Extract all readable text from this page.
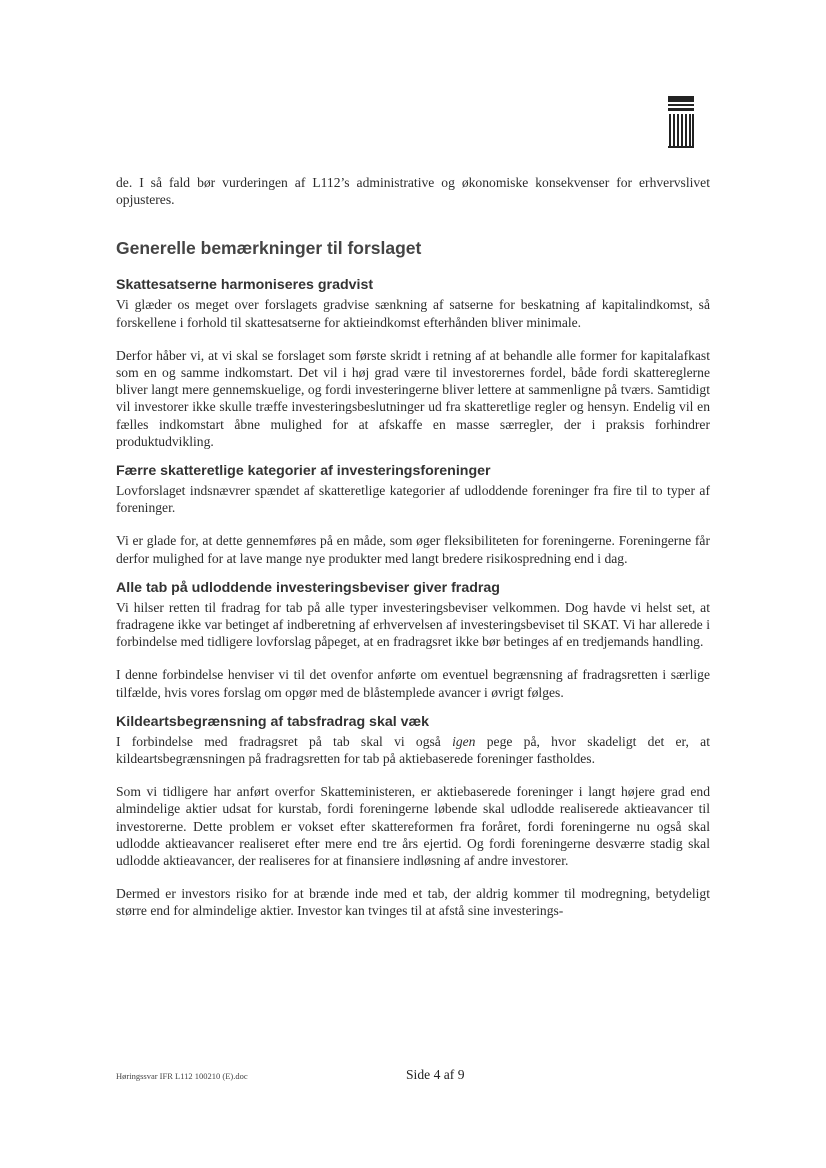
de. I så fald bør vurderingen af L112’s administrative og økonomiske konsekvenser for erhvervslivet opjusteres.

Generelle bemærkninger til forslaget
Skattesatserne harmoniseres gradvist

Vi glæder os meget over forslagets gradvise sænkning af satserne for beskatning af kapitalindkomst, så forskellene i forhold til skattesatserne for aktieindkomst efterhånden bliver minimale.

Derfor håber vi, at vi skal se forslaget som første skridt i retning af at behandle alle former for kapitalafkast som en og samme indkomstart. Det vil i høj grad være til investorernes fordel, både fordi skattereglerne bliver langt mere gennemskuelige, og fordi investeringerne bliver lettere at sammenligne på tværs. Samtidigt vil investorer ikke skulle træffe investeringsbeslutninger ud fra skatteretlige regler og hensyn. Endelig vil en fælles indkomstart åbne mulighed for at afskaffe en masse særregler, der i praksis forhindrer produktudvikling.

Færre skatteretlige kategorier af investeringsforeninger

Lovforslaget indsnævrer spændet af skatteretlige kategorier af udloddende foreninger fra fire til to typer af foreninger.

Vi er glade for, at dette gennemføres på en måde, som øger fleksibiliteten for foreningerne. Foreningerne får derfor mulighed for at lave mange nye produkter med langt bredere risikospredning end i dag.

Alle tab på udloddende investeringsbeviser giver fradrag

Vi hilser retten til fradrag for tab på alle typer investeringsbeviser velkommen. Dog havde vi helst set, at fradragene ikke var betinget af indberetning af erhvervelsen af investeringsbeviset til SKAT. Vi har allerede i forbindelse med tidligere lovforslag påpeget, at en fradragsret ikke bør betinges af en tredjemands handling.

I denne forbindelse henviser vi til det ovenfor anførte om eventuel begrænsning af fradragsretten i særlige tilfælde, hvis vores forslag om opgør med de blåstemplede avancer i øvrigt følges.

Kildeartsbegrænsning af tabsfradrag skal væk

I forbindelse med fradragsret på tab skal vi også igen pege på, hvor skadeligt det er, at kildeartsbegrænsningen på fradragsretten for tab på aktiebaserede foreninger fastholdes.

Som vi tidligere har anført overfor Skatteministeren, er aktiebaserede foreninger i langt højere grad end almindelige aktier udsat for kurstab, fordi foreningerne løbende skal udlodde realiserede aktieavancer til investorerne. Dette problem er vokset efter skattereformen fra foråret, fordi foreningerne nu også skal udlodde aktieavancer realiseret efter mere end tre års ejertid. Og fordi foreningerne desværre stadig skal udlodde aktieavancer, der realiseres for at finansiere indløsning af andre investorer.

Dermed er investors risiko for at brænde inde med et tab, der aldrig kommer til modregning, betydeligt større end for almindelige aktier. Investor kan tvinges til at afstå sine investerings-

Høringssvar IFR L112 100210 (E).doc	Side 4 af 9
